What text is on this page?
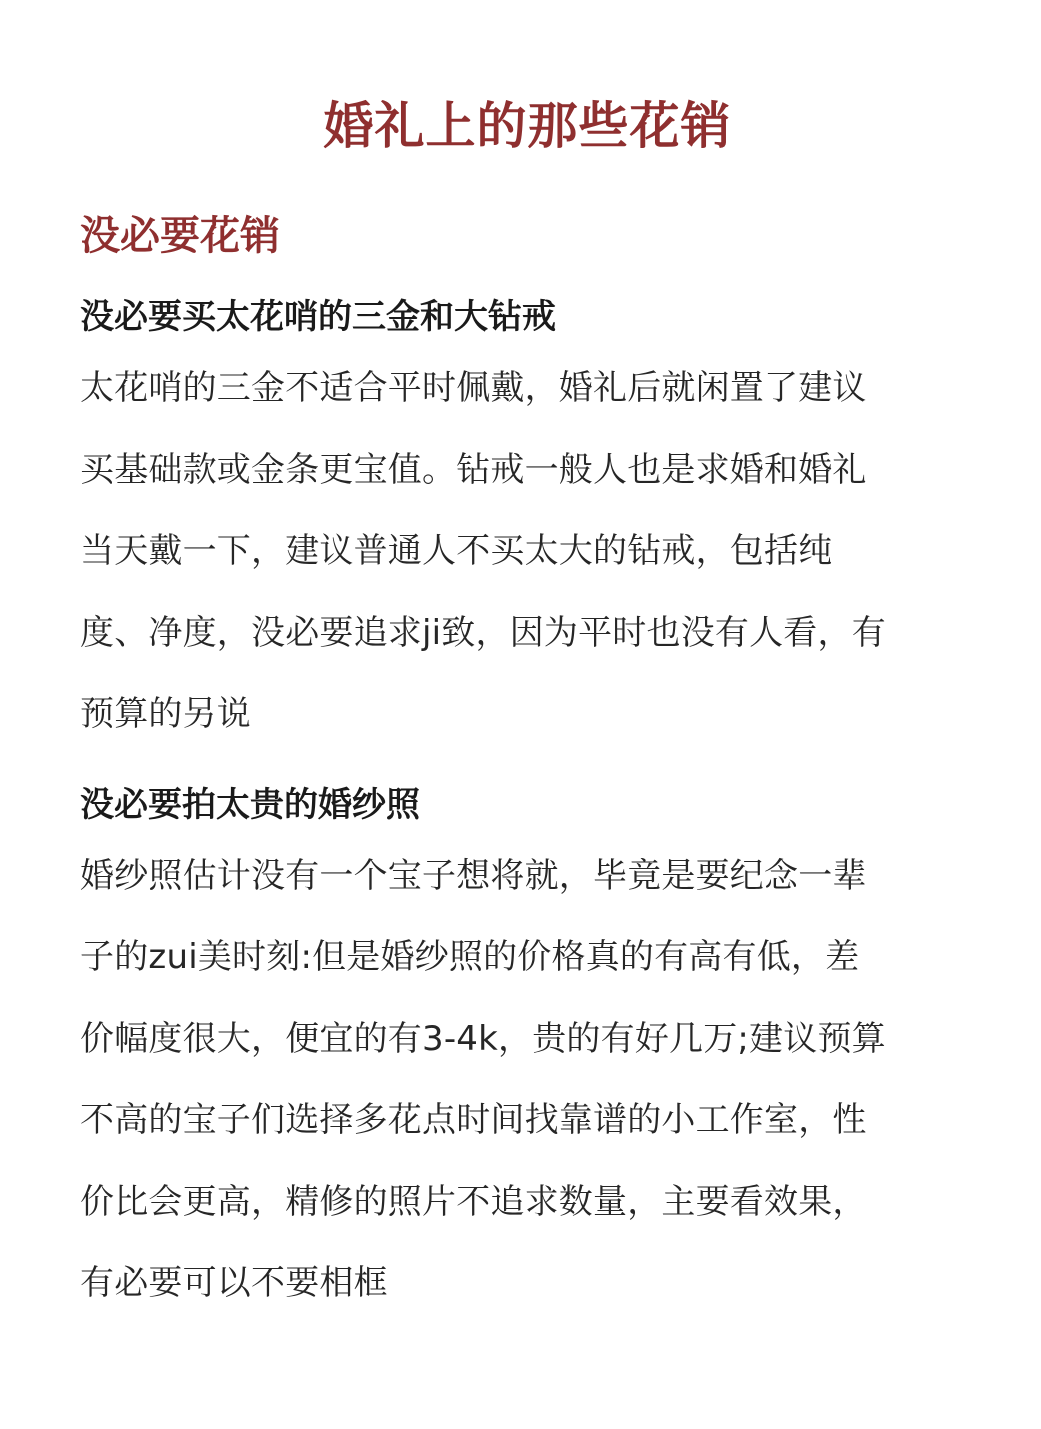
婚礼上的那些花销
没必要花销
没必要买太花哨的三金和大钻戒

太花哨的三金不适合平时佩戴，婚礼后就闲置了建议

买基础款或金条更宝值。钻戒一般人也是求婚和婚礼

当天戴一下，建议普通人不买太大的钻戒，包括纯

度、净度，没必要追求ji致，因为平时也没有人看，有

预算的另说

没必要拍太贵的婚纱照

婚纱照估计没有一个宝子想将就，毕竟是要纪念一辈

子的zui美时刻:但是婚纱照的价格真的有高有低，差

价幅度很大，便宜的有3-4k，贵的有好几万;建议预算

不高的宝子们选择多花点时间找靠谱的小工作室，性

价比会更高，精修的照片不追求数量，主要看效果，

有必要可以不要相框
